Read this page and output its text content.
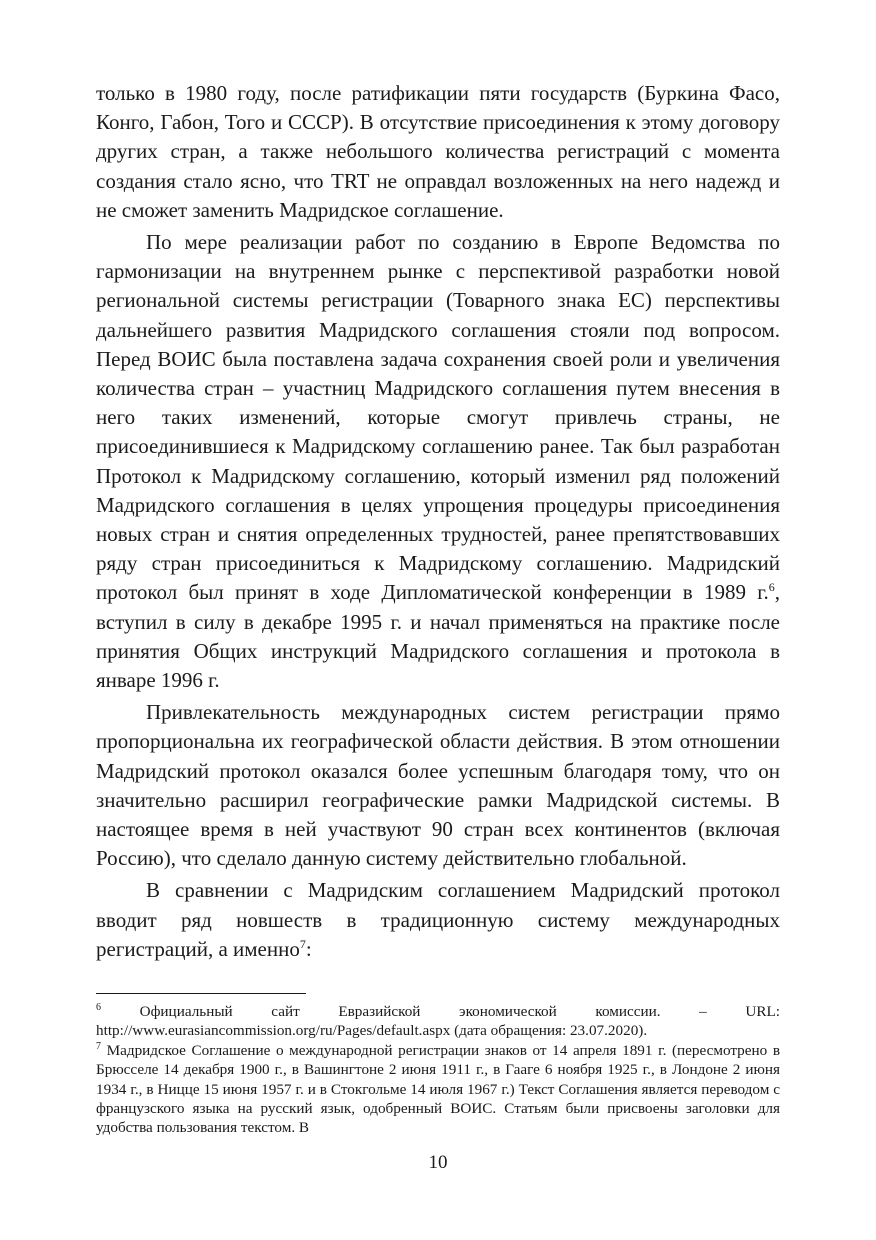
только в 1980 году, после ратификации пяти государств (Буркина Фасо, Конго, Габон, Того и СССР). В отсутствие присоединения к этому договору других стран, а также небольшого количества регистраций с момента создания стало ясно, что TRT не оправдал возложенных на него надежд и не сможет заменить Мадридское соглашение.

По мере реализации работ по созданию в Европе Ведомства по гармонизации на внутреннем рынке с перспективой разработки новой региональной системы регистрации (Товарного знака ЕС) перспективы дальнейшего развития Мадридского соглашения стояли под вопросом. Перед ВОИС была поставлена задача сохранения своей роли и увеличения количества стран – участниц Мадридского соглашения путем внесения в него таких изменений, которые смогут привлечь страны, не присоединившиеся к Мадридскому соглашению ранее. Так был разработан Протокол к Мадридскому соглашению, который изменил ряд положений Мадридского соглашения в целях упрощения процедуры присоединения новых стран и снятия определенных трудностей, ранее препятствовавших ряду стран присоединиться к Мадридскому соглашению. Мадридский протокол был принят в ходе Дипломатической конференции в 1989 г.$^6$, вступил в силу в декабре 1995 г. и начал применяться на практике после принятия Общих инструкций Мадридского соглашения и протокола в январе 1996 г.

Привлекательность международных систем регистрации прямо пропорциональна их географической области действия. В этом отношении Мадридский протокол оказался более успешным благодаря тому, что он значительно расширил географические рамки Мадридской системы. В настоящее время в ней участвуют 90 стран всех континентов (включая Россию), что сделало данную систему действительно глобальной.

В сравнении с Мадридским соглашением Мадридский протокол вводит ряд новшеств в традиционную систему международных регистраций, а именно$^7$:

$^6$	Официальный сайт Евразийской экономической комиссии. – URL: http://www.eurasiancommission.org/ru/Pages/default.aspx (дата обращения: 23.07.2020).

$^7$ Мадридское Соглашение о международной регистрации знаков от 14 апреля 1891 г. (пересмотрено в Брюсселе 14 декабря 1900 г., в Вашингтоне 2 июня 1911 г., в Гааге 6 ноября 1925 г., в Лондоне 2 июня 1934 г., в Ницце 15 июня 1957 г. и в Стокгольме 14 июля 1967 г.) Текст Соглашения является переводом с французского языка на русский язык, одобренный ВОИС. Статьям были присвоены заголовки для удобства пользования текстом. В

10
